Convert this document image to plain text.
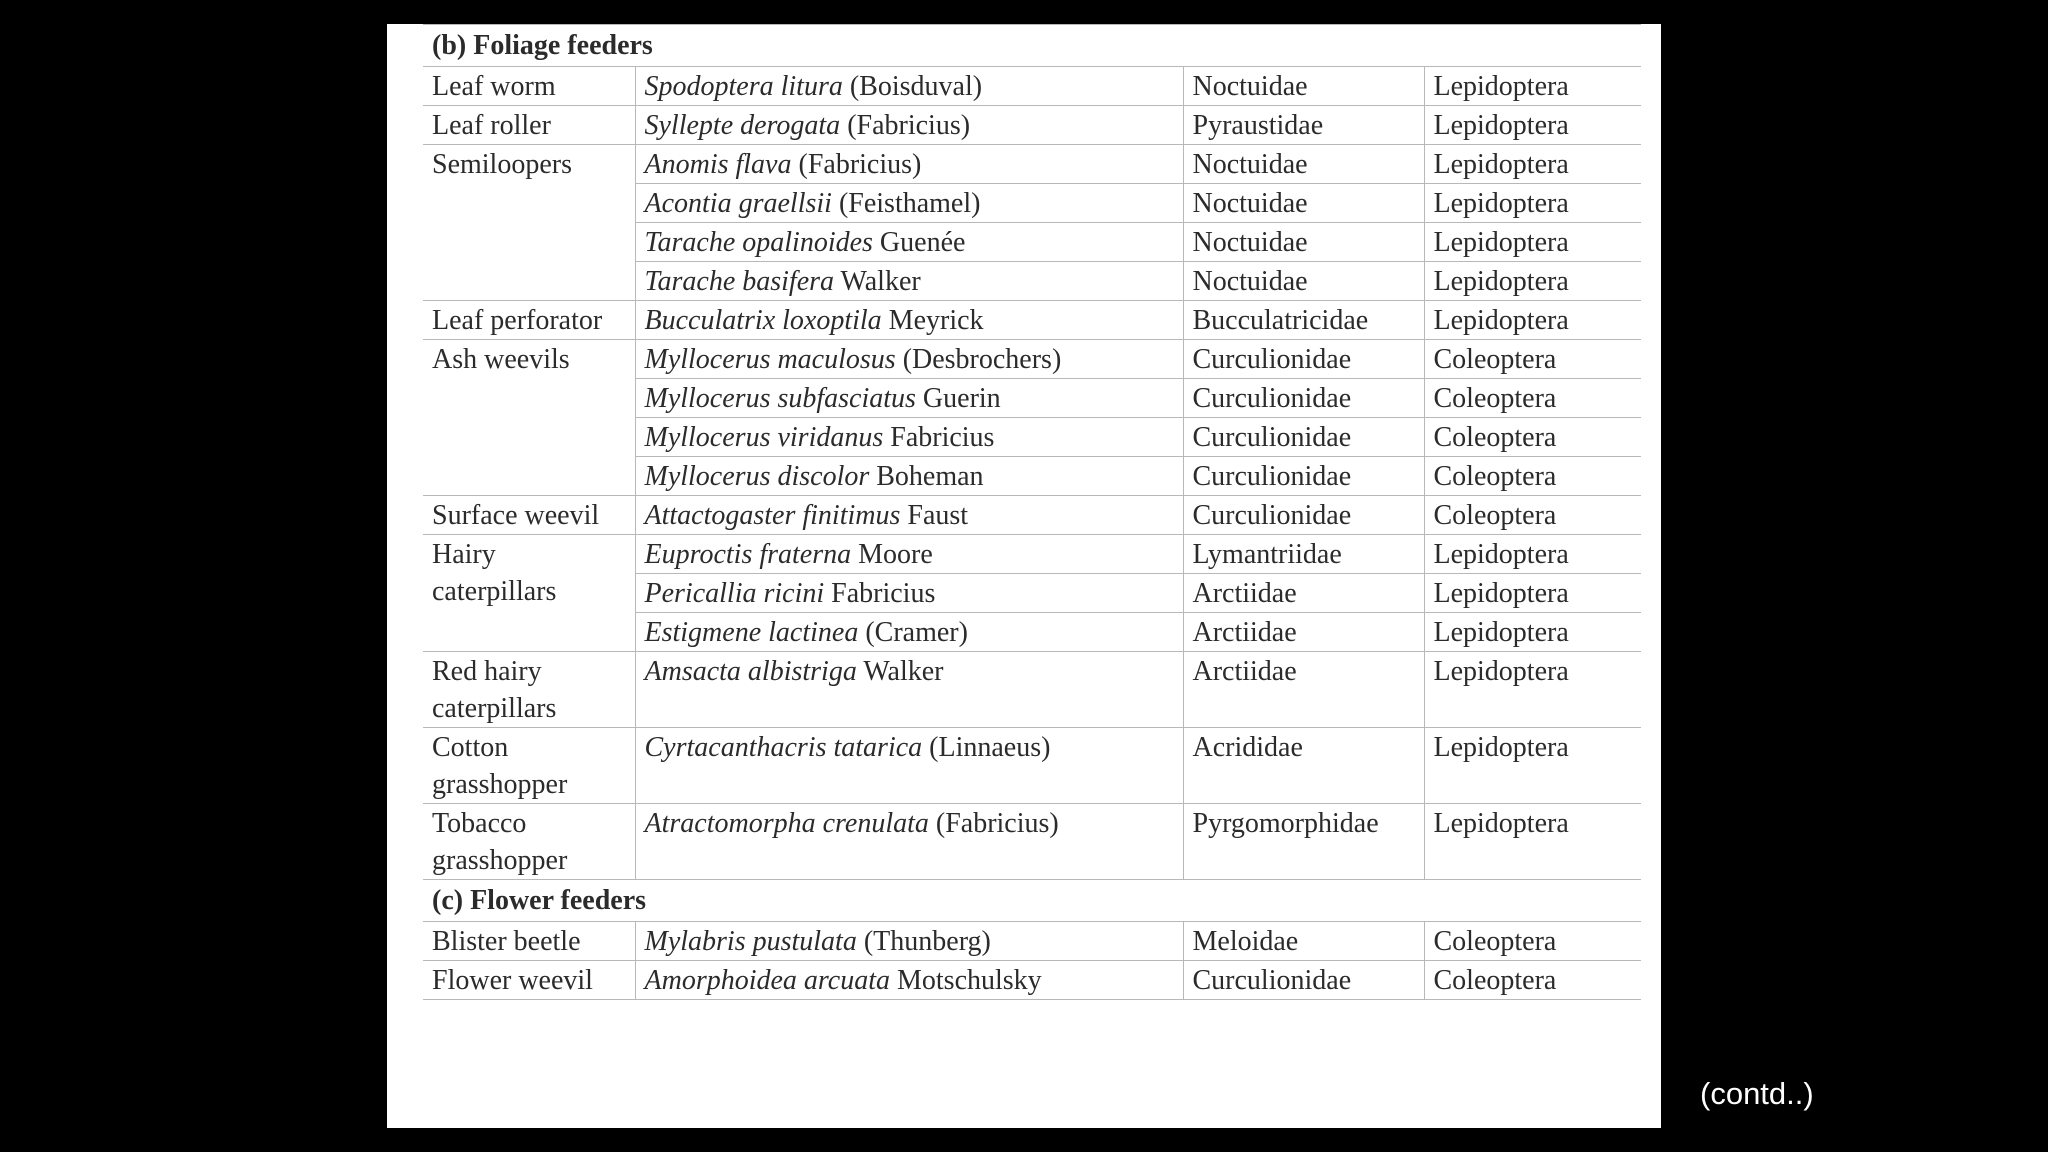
(b) Foliage feeders			
Leaf worm	Spodoptera litura (Boisduval)	Noctuidae	Lepidoptera
Leaf roller	Syllepte derogata (Fabricius)	Pyraustidae	Lepidoptera
Semiloopers	Anomis flava (Fabricius)	Noctuidae	Lepidoptera
	Acontia graellsii (Feisthamel)	Noctuidae	Lepidoptera
	Tarache opalinoides Guenée	Noctuidae	Lepidoptera
	Tarache basifera Walker	Noctuidae	Lepidoptera
Leaf perforator	Bucculatrix loxoptila Meyrick	Bucculatricidae	Lepidoptera
Ash weevils	Myllocerus maculosus (Desbrochers)	Curculionidae	Coleoptera
	Myllocerus subfasciatus Guerin	Curculionidae	Coleoptera
	Myllocerus viridanus Fabricius	Curculionidae	Coleoptera
	Myllocerus discolor Boheman	Curculionidae	Coleoptera
Surface weevil	Attactogaster finitimus Faust	Curculionidae	Coleoptera
Hairy caterpillars	Euproctis fraterna Moore	Lymantriidae	Lepidoptera
	Pericallia ricini Fabricius	Arctiidae	Lepidoptera
	Estigmene lactinea (Cramer)	Arctiidae	Lepidoptera
Red hairy caterpillars	Amsacta albistriga Walker	Arctiidae	Lepidoptera
Cotton grasshopper	Cyrtacanthacris tatarica (Linnaeus)	Acrididae	Lepidoptera
Tobacco grasshopper	Atractomorpha crenulata (Fabricius)	Pyrgomorphidae	Lepidoptera
(c) Flower feeders			
Blister beetle	Mylabris pustulata (Thunberg)	Meloidae	Coleoptera
Flower weevil	Amorphoidea arcuata Motschulsky	Curculionidae	Coleoptera
(contd..)
